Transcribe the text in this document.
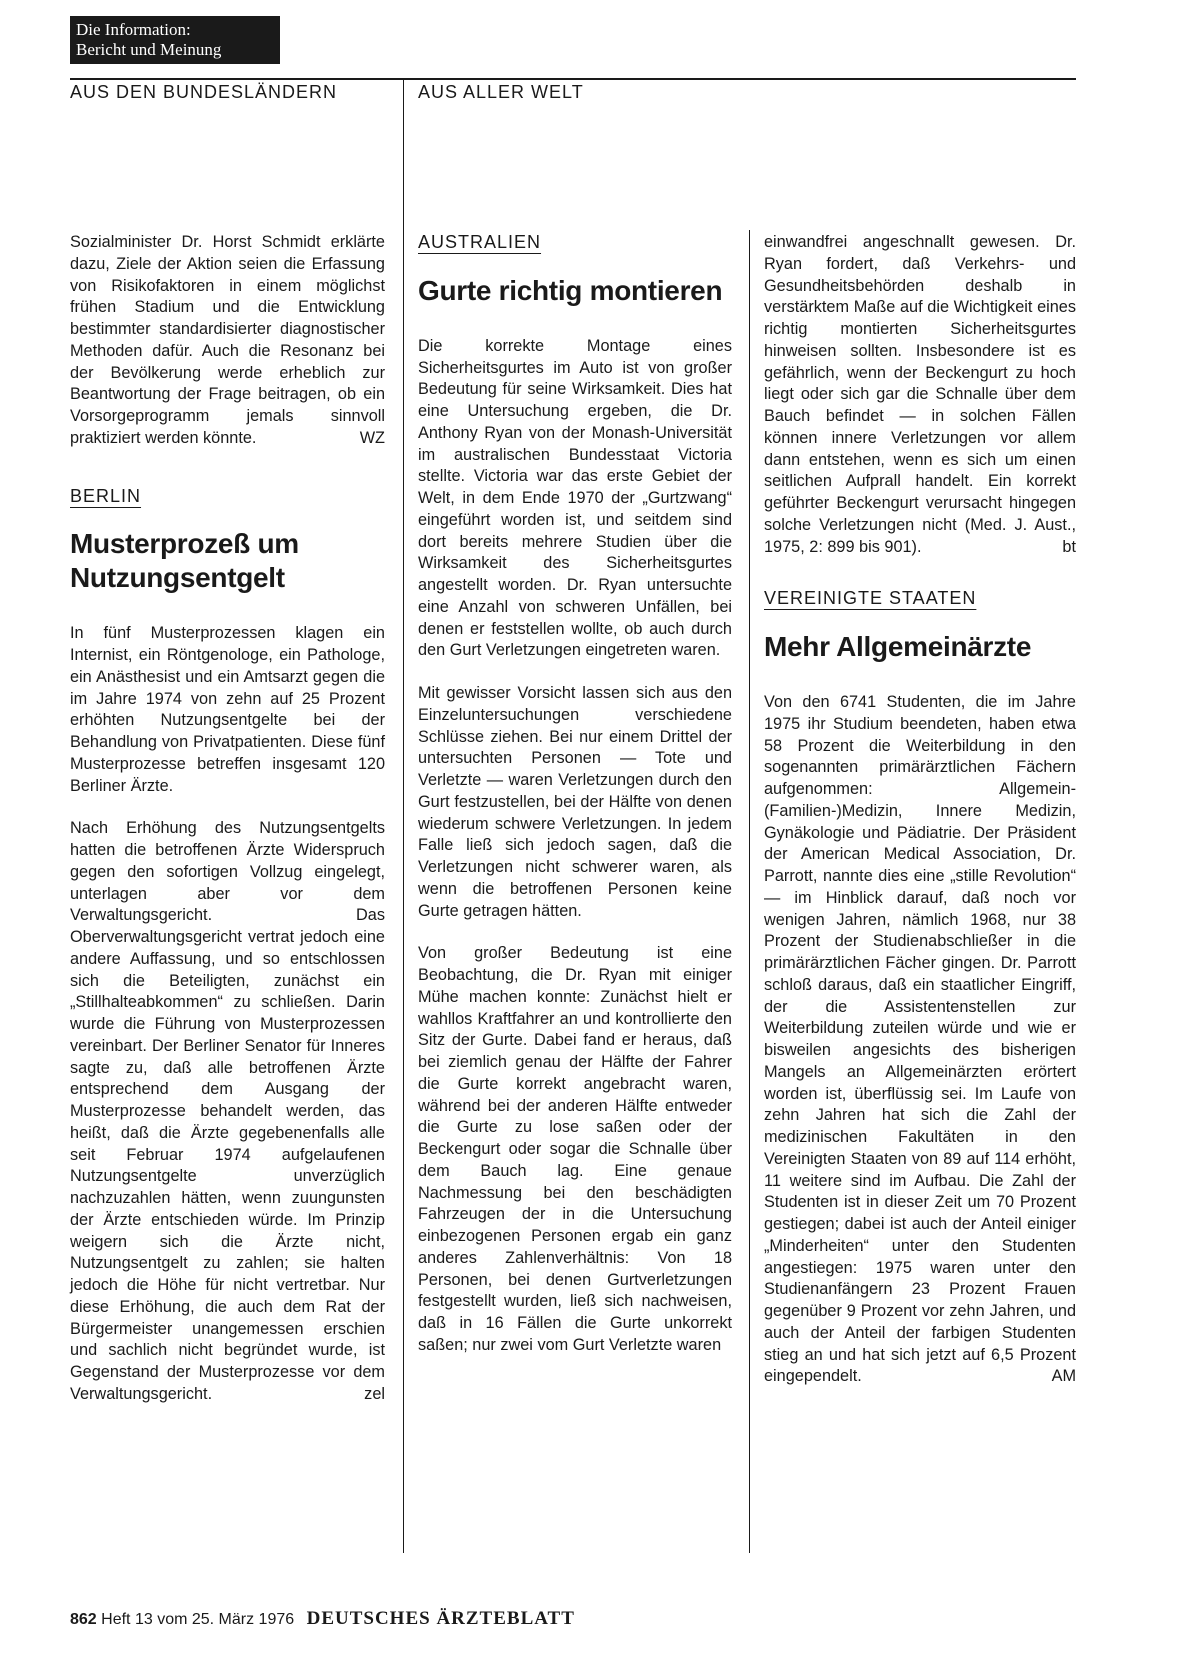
Die Information:
Bericht und Meinung
AUS DEN BUNDESLÄNDERN	AUS ALLER WELT

Sozialminister Dr. Horst Schmidt erklärte dazu, Ziele der Aktion seien die Erfassung von Risikofaktoren in einem möglichst frühen Stadium und die Entwicklung bestimmter standardisierter diagnostischer Methoden dafür. Auch die Resonanz bei der Bevölkerung werde erheblich zur Beantwortung der Frage beitragen, ob ein Vorsorgeprogramm jemals sinnvoll praktiziert werden könnte.	WZ

BERLIN
Musterprozeß um Nutzungsentgelt

In fünf Musterprozessen klagen ein Internist, ein Röntgenologe, ein Pathologe, ein Anästhesist und ein Amtsarzt gegen die im Jahre 1974 von zehn auf 25 Prozent erhöhten Nutzungsentgelte bei der Behandlung von Privatpatienten. Diese fünf Musterprozesse betreffen insgesamt 120 Berliner Ärzte.

Nach Erhöhung des Nutzungsentgelts hatten die betroffenen Ärzte Widerspruch gegen den sofortigen Vollzug eingelegt, unterlagen aber vor dem Verwaltungsgericht. Das Oberverwaltungsgericht vertrat jedoch eine andere Auffassung, und so entschlossen sich die Beteiligten, zunächst ein „Stillhalteabkommen“ zu schließen. Darin wurde die Führung von Musterprozessen vereinbart. Der Berliner Senator für Inneres sagte zu, daß alle betroffenen Ärzte entsprechend dem Ausgang der Musterprozesse behandelt werden, das heißt, daß die Ärzte gegebenenfalls alle seit Februar 1974 aufgelaufenen Nutzungsentgelte unverzüglich nachzuzahlen hätten, wenn zuungunsten der Ärzte entschieden würde. Im Prinzip weigern sich die Ärzte nicht, Nutzungsentgelt zu zahlen; sie halten jedoch die Höhe für nicht vertretbar. Nur diese Erhöhung, die auch dem Rat der Bürgermeister unangemessen erschien und sachlich nicht begründet wurde, ist Gegenstand der Musterprozesse vor dem Verwaltungsgericht.	zel

AUSTRALIEN
Gurte richtig montieren

Die korrekte Montage eines Sicherheitsgurtes im Auto ist von großer Bedeutung für seine Wirksamkeit. Dies hat eine Untersuchung ergeben, die Dr. Anthony Ryan von der Monash-Universität im australischen Bundesstaat Victoria stellte. Victoria war das erste Gebiet der Welt, in dem Ende 1970 der „Gurtzwang“ eingeführt worden ist, und seitdem sind dort bereits mehrere Studien über die Wirksamkeit des Sicherheitsgurtes angestellt worden. Dr. Ryan untersuchte eine Anzahl von schweren Unfällen, bei denen er feststellen wollte, ob auch durch den Gurt Verletzungen eingetreten waren.

Mit gewisser Vorsicht lassen sich aus den Einzeluntersuchungen verschiedene Schlüsse ziehen. Bei nur einem Drittel der untersuchten Personen — Tote und Verletzte — waren Verletzungen durch den Gurt festzustellen, bei der Hälfte von denen wiederum schwere Verletzungen. In jedem Falle ließ sich jedoch sagen, daß die Verletzungen nicht schwerer waren, als wenn die betroffenen Personen keine Gurte getragen hätten.

Von großer Bedeutung ist eine Beobachtung, die Dr. Ryan mit einiger Mühe machen konnte: Zunächst hielt er wahllos Kraftfahrer an und kontrollierte den Sitz der Gurte. Dabei fand er heraus, daß bei ziemlich genau der Hälfte der Fahrer die Gurte korrekt angebracht waren, während bei der anderen Hälfte entweder die Gurte zu lose saßen oder der Beckengurt oder sogar die Schnalle über dem Bauch lag. Eine genaue Nachmessung bei den beschädigten Fahrzeugen der in die Untersuchung einbezogenen Personen ergab ein ganz anderes Zahlenverhältnis: Von 18 Personen, bei denen Gurtverletzungen festgestellt wurden, ließ sich nachweisen, daß in 16 Fällen die Gurte unkorrekt saßen; nur zwei vom Gurt Verletzte waren

einwandfrei angeschnallt gewesen. Dr. Ryan fordert, daß Verkehrs- und Gesundheitsbehörden deshalb in verstärktem Maße auf die Wichtigkeit eines richtig montierten Sicherheitsgurtes hinweisen sollten. Insbesondere ist es gefährlich, wenn der Beckengurt zu hoch liegt oder sich gar die Schnalle über dem Bauch befindet — in solchen Fällen können innere Verletzungen vor allem dann entstehen, wenn es sich um einen seitlichen Aufprall handelt. Ein korrekt geführter Beckengurt verursacht hingegen solche Verletzungen nicht (Med. J. Aust., 1975, 2: 899 bis 901).	bt

VEREINIGTE STAATEN
Mehr Allgemeinärzte

Von den 6741 Studenten, die im Jahre 1975 ihr Studium beendeten, haben etwa 58 Prozent die Weiterbildung in den sogenannten primärärztlichen Fächern aufgenommen: Allgemein-(Familien-)Medizin, Innere Medizin, Gynäkologie und Pädiatrie. Der Präsident der American Medical Association, Dr. Parrott, nannte dies eine „stille Revolution“ — im Hinblick darauf, daß noch vor wenigen Jahren, nämlich 1968, nur 38 Prozent der Studienabschließer in die primärärztlichen Fächer gingen. Dr. Parrott schloß daraus, daß ein staatlicher Eingriff, der die Assistentenstellen zur Weiterbildung zuteilen würde und wie er bisweilen angesichts des bisherigen Mangels an Allgemeinärzten erörtert worden ist, überflüssig sei. Im Laufe von zehn Jahren hat sich die Zahl der medizinischen Fakultäten in den Vereinigten Staaten von 89 auf 114 erhöht, 11 weitere sind im Aufbau. Die Zahl der Studenten ist in dieser Zeit um 70 Prozent gestiegen; dabei ist auch der Anteil einiger „Minderheiten“ unter den Studenten angestiegen: 1975 waren unter den Studienanfängern 23 Prozent Frauen gegenüber 9 Prozent vor zehn Jahren, und auch der Anteil der farbigen Studenten stieg an und hat sich jetzt auf 6,5 Prozent eingependelt.	AM

862 Heft 13 vom 25. März 1976 DEUTSCHES ÄRZTEBLATT
